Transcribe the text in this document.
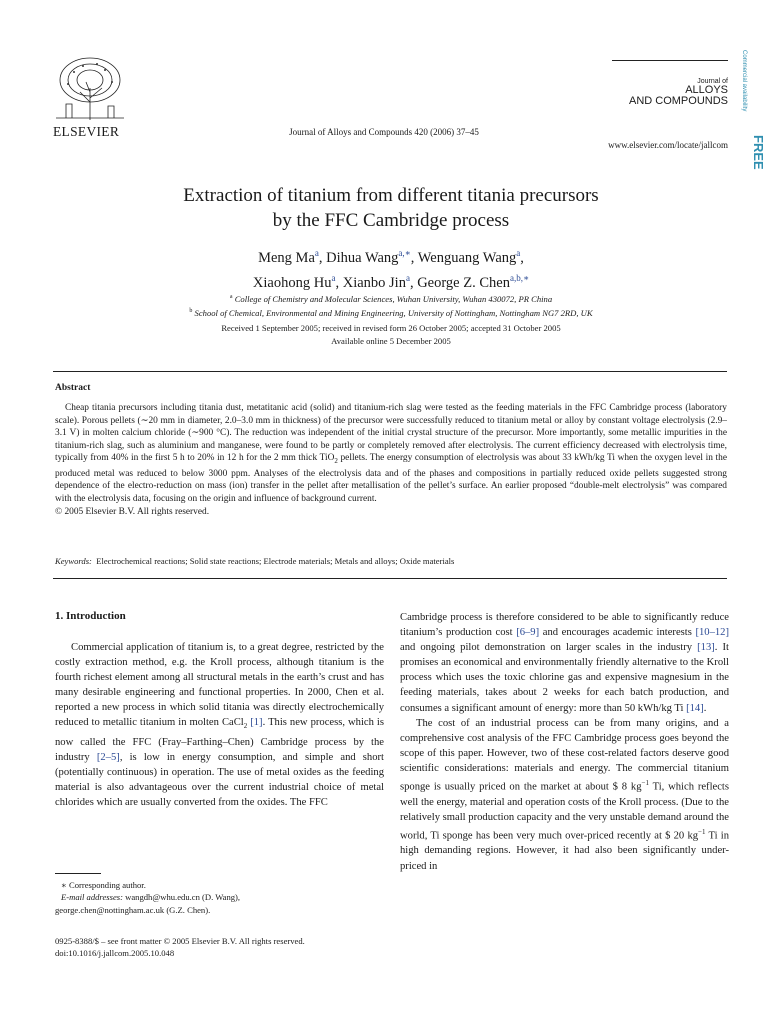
ELSEVIER	Journal of Alloys and Compounds 420 (2006) 37–45
Journal of
ALLOYS
AND COMPOUNDS
www.elsevier.com/locate/jallcom FREE
Commercial availability
Extraction of titanium from different titania precursors
by the FFC Cambridge process
Meng Ma$^a$, Dihua Wang$^{a,∗}$, Wenguang Wang$^a$,
Xiaohong Hu$^a$, Xianbo Jin$^a$, George Z. Chen$^{a,b,∗}$
$^a$ College of Chemistry and Molecular Sciences, Wuhan University, Wuhan 430072, PR China
$^b$ School of Chemical, Environmental and Mining Engineering, University of Nottingham, Nottingham NG7 2RD, UK
Received 1 September 2005; received in revised form 26 October 2005; accepted 31 October 2005
Available online 5 December 2005
Abstract

Cheap titania precursors including titania dust, metatitanic acid (solid) and titanium-rich slag were tested as the feeding materials in the FFC Cambridge process (laboratory scale). Porous pellets (∼20 mm in diameter, 2.0–3.0 mm in thickness) of the precursor were successfully reduced to titanium metal or alloy by constant voltage electrolysis (2.9–3.1 V) in molten calcium chloride (∼900 °C). The reduction was independent of the initial crystal structure of the precursor. More importantly, some metallic impurities in the titanium-rich slag, such as aluminium and manganese, were found to be partly or completely removed after electrolysis. The current efficiency decreased with electrolysis time, typically from 40% in the first 5 h to 20% in 12 h for the 2 mm thick TiO$_2$ pellets. The energy consumption of electrolysis was about 33 kWh/kg Ti when the oxygen level in the produced metal was reduced to below 3000 ppm. Analyses of the electrolysis data and of the phases and compositions in partially reduced oxide pellets suggested strong dependence of the electro-reduction on mass (ion) transfer in the pellet after metallisation of the pellet’s surface. An earlier proposed “double-melt electrolysis” was compared with the electrolysis data, focusing on the origin and influence of background current.

© 2005 Elsevier B.V. All rights reserved.

Keywords: Electrochemical reactions; Solid state reactions; Electrode materials; Metals and alloys; Oxide materials
1. Introduction

Commercial application of titanium is, to a great degree, restricted by the costly extraction method, e.g. the Kroll process, although titanium is the fourth richest element among all structural metals in the earth’s crust and has many desirable engineering and functional properties. In 2000, Chen et al. reported a new process in which solid titania was directly electrochemically reduced to metallic titanium in molten CaCl$_2$ [1]. This new process, which is now called the FFC (Fray–Farthing–Chen) Cambridge process by the industry [2–5], is low in energy consumption, and simple and short (potentially continuous) in operation. The use of metal oxides as the feeding material is also advantageous over the current industrial choice of metal chlorides which are usually converted from the oxides. The FFC

Cambridge process is therefore considered to be able to significantly reduce titanium’s production cost [6–9] and encourages academic interests [10–12] and ongoing pilot demonstration on larger scales in the industry [13]. It promises an economical and environmentally friendly alternative to the Kroll process which uses the toxic chlorine gas and expensive magnesium in the feeding materials, takes about 2 weeks for each batch production, and consumes a significant amount of energy: more than 50 kWh/kg Ti [14].

The cost of an industrial process can be from many origins, and a comprehensive cost analysis of the FFC Cambridge process goes beyond the scope of this paper. However, two of these cost-related factors deserve good scientific considerations: materials and energy. The commercial titanium sponge is usually priced on the market at about $ 8 $kg^{-1}$ Ti, which reflects well the energy, material and operation costs of the Kroll process. (Due to the relatively small production capacity and the very unstable demand around the world, Ti sponge has been very much over-priced recently at $ 20 $kg^{-1}$ Ti in high demanding regions. However, it had also been significantly under-priced in

∗ Corresponding author.
E-mail addresses: wangdh@whu.edu.cn (D. Wang),
george.chen@nottingham.ac.uk (G.Z. Chen).
0925-8388/$ – see front matter © 2005 Elsevier B.V. All rights reserved.
doi:10.1016/j.jallcom.2005.10.048
